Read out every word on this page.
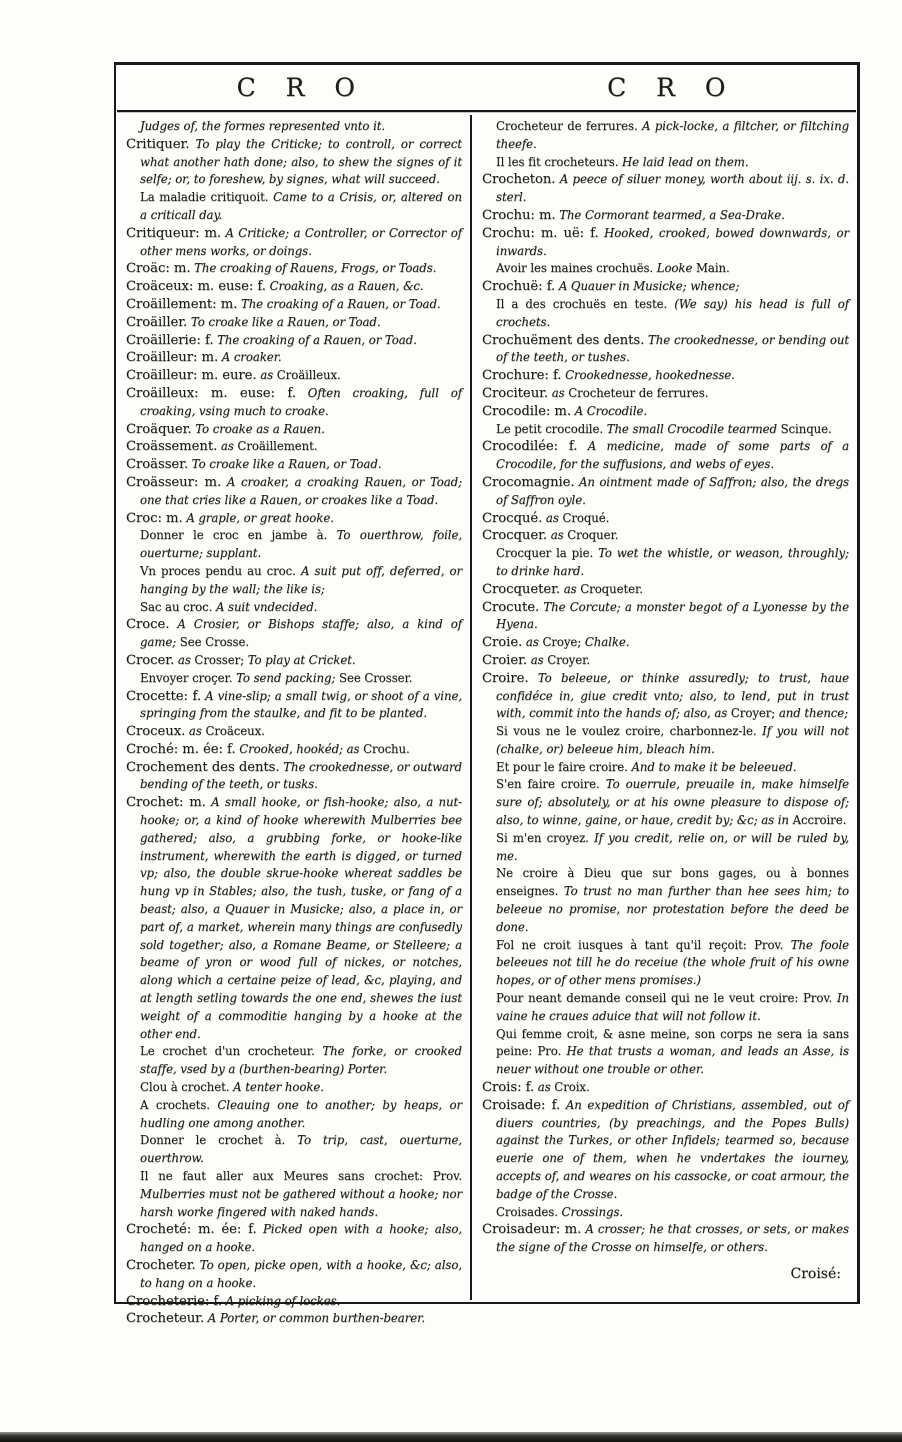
C R O	C R O
Judges of, the formes represented vnto it.
Critiquer. To play the Criticke; to controll, or correct what another hath done; also, to shew the signes of it selfe; or, to foreshew, by signes, what will succeed.
La maladie critiquoit. Came to a Crisis, or, altered on a criticall day.
Critiqueur: m. A Criticke; a Controller, or Corrector of other mens works, or doings.
Croäc: m. The croaking of Rauens, Frogs, or Toads.
Croäceux: m. euse: f. Croaking, as a Rauen, &c.
Croäillement: m. The croaking of a Rauen, or Toad.
Croäiller. To croake like a Rauen, or Toad.
Croäillerie: f. The croaking of a Rauen, or Toad.
Croäilleur: m. A croaker.
Croäilleur: m. eure. as Croäilleux.
Croäilleux: m. euse: f. Often croaking, full of croaking, vsing much to croake.
Croäquer. To croake as a Rauen.
Croässement. as Croäillement.
Croässer. To croake like a Rauen, or Toad.
Croässeur: m. A croaker, a croaking Rauen, or Toad; one that cries like a Rauen, or croakes like a Toad.
Croc: m. A graple, or great hooke.
Donner le croc en jambe à. To ouerthrow, foile, ouerturne; supplant.
Vn proces pendu au croc. A suit put off, deferred, or hanging by the wall; the like is;
Sac au croc. A suit vndecided.
Croce. A Crosier, or Bishops staffe; also, a kind of game; See Crosse.
Crocer. as Crosser; To play at Cricket.
Envoyer croçer. To send packing; See Crosser.
Crocette: f. A vine-slip; a small twig, or shoot of a vine, springing from the staulke, and fit to be planted.
Croceux. as Croäceux.
Croché: m. ée: f. Crooked, hookéd; as Crochu.
Crochement des dents. The crookednesse, or outward bending of the teeth, or tusks.
Crochet: m. A small hooke, or fish-hooke; also, a nut-hooke; or, a kind of hooke wherewith Mulberries bee gathered; also, a grubbing forke, or hooke-like instrument, wherewith the earth is digged, or turned vp; also, the double skrue-hooke whereat saddles be hung vp in Stables; also, the tush, tuske, or fang of a beast; also, a Quauer in Musicke; also, a place in, or part of, a market, wherein many things are confusedly sold together; also, a Romane Beame, or Stelleere; a beame of yron or wood full of nickes, or notches, along which a certaine peize of lead, &c, playing, and at length setling towards the one end, shewes the iust weight of a commoditie hanging by a hooke at the other end.
Le crochet d'un crocheteur. The forke, or crooked staffe, vsed by a (burthen-bearing) Porter.
Clou à crochet. A tenter hooke.
A crochets. Cleauing one to another; by heaps, or hudling one among another.
Donner le crochet à. To trip, cast, ouerturne, ouerthrow.
Il ne faut aller aux Meures sans crochet: Prov. Mulberries must not be gathered without a hooke; nor harsh worke fingered with naked hands.
Crocheté: m. ée: f. Picked open with a hooke; also, hanged on a hooke.
Crocheter. To open, picke open, with a hooke, &c; also, to hang on a hooke.
Crocheterie: f. A picking of lockes.
Crocheteur. A Porter, or common burthen-bearer.
Crocheteur de ferrures. A pick-locke, a filtcher, or filtching theefe.
Il les fit crocheteurs. He laid lead on them.
Crocheton. A peece of siluer money, worth about iij. s. ix. d. sterl.
Crochu: m. The Cormorant tearmed, a Sea-Drake.
Crochu: m. uë: f. Hooked, crooked, bowed downwards, or inwards.
Avoir les maines crochuës. Looke Main.
Crochuë: f. A Quauer in Musicke; whence;
Il a des crochuës en teste. (We say) his head is full of crochets.
Crochuëment des dents. The crookednesse, or bending out of the teeth, or tushes.
Crochure: f. Crookednesse, hookednesse.
Crociteur. as Crocheteur de ferrures.
Crocodile: m. A Crocodile.
Le petit crocodile. The small Crocodile tearmed Scinque.
Crocodilée: f. A medicine, made of some parts of a Crocodile, for the suffusions, and webs of eyes.
Crocomagnie. An ointment made of Saffron; also, the dregs of Saffron oyle.
Crocqué. as Croqué.
Crocquer. as Croquer.
Crocquer la pie. To wet the whistle, or weason, throughly; to drinke hard.
Crocqueter. as Croqueter.
Crocute. The Corcute; a monster begot of a Lyonesse by the Hyena.
Croie. as Croye; Chalke.
Croier. as Croyer.
Croire. To beleeue, or thinke assuredly; to trust, haue confidéce in, giue credit vnto; also, to lend, put in trust with, commit into the hands of; also, as Croyer; and thence;
Si vous ne le voulez croire, charbonnez-le. If you will not (chalke, or) beleeue him, bleach him.
Et pour le faire croire. And to make it be beleeued.
S'en faire croire. To ouerrule, preuaile in, make himselfe sure of; absolutely, or at his owne pleasure to dispose of; also, to winne, gaine, or haue, credit by; &c; as in Accroire.
Si m'en croyez. If you credit, relie on, or will be ruled by, me.
Ne croire à Dieu que sur bons gages, ou à bonnes enseignes. To trust no man further than hee sees him; to beleeue no promise, nor protestation before the deed be done.
Fol ne croit iusques à tant qu'il reçoit: Prov. The foole beleeues not till he do receiue (the whole fruit of his owne hopes, or of other mens promises.)
Pour neant demande conseil qui ne le veut croire: Prov. In vaine he craues aduice that will not follow it.
Qui femme croit, & asne meine, son corps ne sera ia sans peine: Pro. He that trusts a woman, and leads an Asse, is neuer without one trouble or other.
Crois: f. as Croix.
Croisade: f. An expedition of Christians, assembled, out of diuers countries, (by preachings, and the Popes Bulls) against the Turkes, or other Infidels; tearmed so, because euerie one of them, when he vndertakes the iourney, accepts of, and weares on his cassocke, or coat armour, the badge of the Crosse.
Croisades. Crossings.
Croisadeur: m. A crosser; he that crosses, or sets, or makes the signe of the Crosse on himselfe, or others.
Croisé:
